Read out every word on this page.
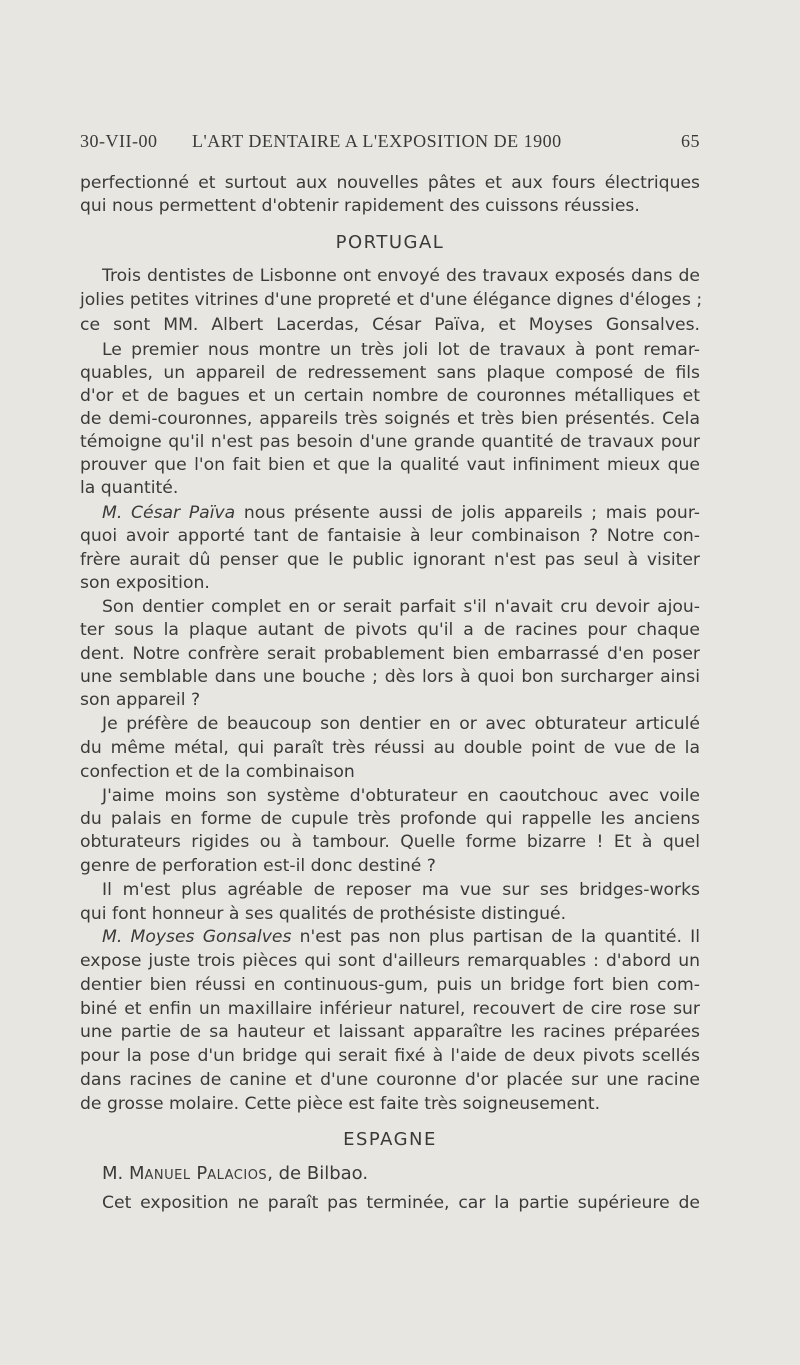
30-VII-00 L'ART DENTAIRE A L'EXPOSITION DE 1900	65
perfectionné et surtout aux nouvelles pâtes et aux fours électriques
qui nous permettent d'obtenir rapidement des cuissons réussies.
PORTUGAL
Trois dentistes de Lisbonne ont envoyé des travaux exposés dans de
jolies petites vitrines d'une propreté et d'une élégance dignes d'éloges ;
ce sont MM. Albert Lacerdas, César Païva, et Moyses Gonsalves.
Le premier nous montre un très joli lot de travaux à pont remar-
quables, un appareil de redressement sans plaque composé de fils
d'or et de bagues et un certain nombre de couronnes métalliques et
de demi-couronnes, appareils très soignés et très bien présentés. Cela
témoigne qu'il n'est pas besoin d'une grande quantité de travaux pour
prouver que l'on fait bien et que la qualité vaut infiniment mieux que
la quantité.
M. César Païva nous présente aussi de jolis appareils ; mais pour-
quoi avoir apporté tant de fantaisie à leur combinaison ? Notre con-
frère aurait dû penser que le public ignorant n'est pas seul à visiter
son exposition.
Son dentier complet en or serait parfait s'il n'avait cru devoir ajou-
ter sous la plaque autant de pivots qu'il a de racines pour chaque
dent. Notre confrère serait probablement bien embarrassé d'en poser
une semblable dans une bouche ; dès lors à quoi bon surcharger ainsi
son appareil ?
Je préfère de beaucoup son dentier en or avec obturateur articulé
du même métal, qui paraît très réussi au double point de vue de la
confection et de la combinaison
J'aime moins son système d'obturateur en caoutchouc avec voile
du palais en forme de cupule très profonde qui rappelle les anciens
obturateurs rigides ou à tambour. Quelle forme bizarre ! Et à quel
genre de perforation est-il donc destiné ?
Il m'est plus agréable de reposer ma vue sur ses bridges-works
qui font honneur à ses qualités de prothésiste distingué.
M. Moyses Gonsalves n'est pas non plus partisan de la quantité. Il
expose juste trois pièces qui sont d'ailleurs remarquables : d'abord un
dentier bien réussi en continuous-gum, puis un bridge fort bien com-
biné et enfin un maxillaire inférieur naturel, recouvert de cire rose sur
une partie de sa hauteur et laissant apparaître les racines préparées
pour la pose d'un bridge qui serait fixé à l'aide de deux pivots scellés
dans racines de canine et d'une couronne d'or placée sur une racine
de grosse molaire. Cette pièce est faite très soigneusement.
ESPAGNE
M. MANUEL PALACIOS, de Bilbao.
Cet exposition ne paraît pas terminée, car la partie supérieure de
